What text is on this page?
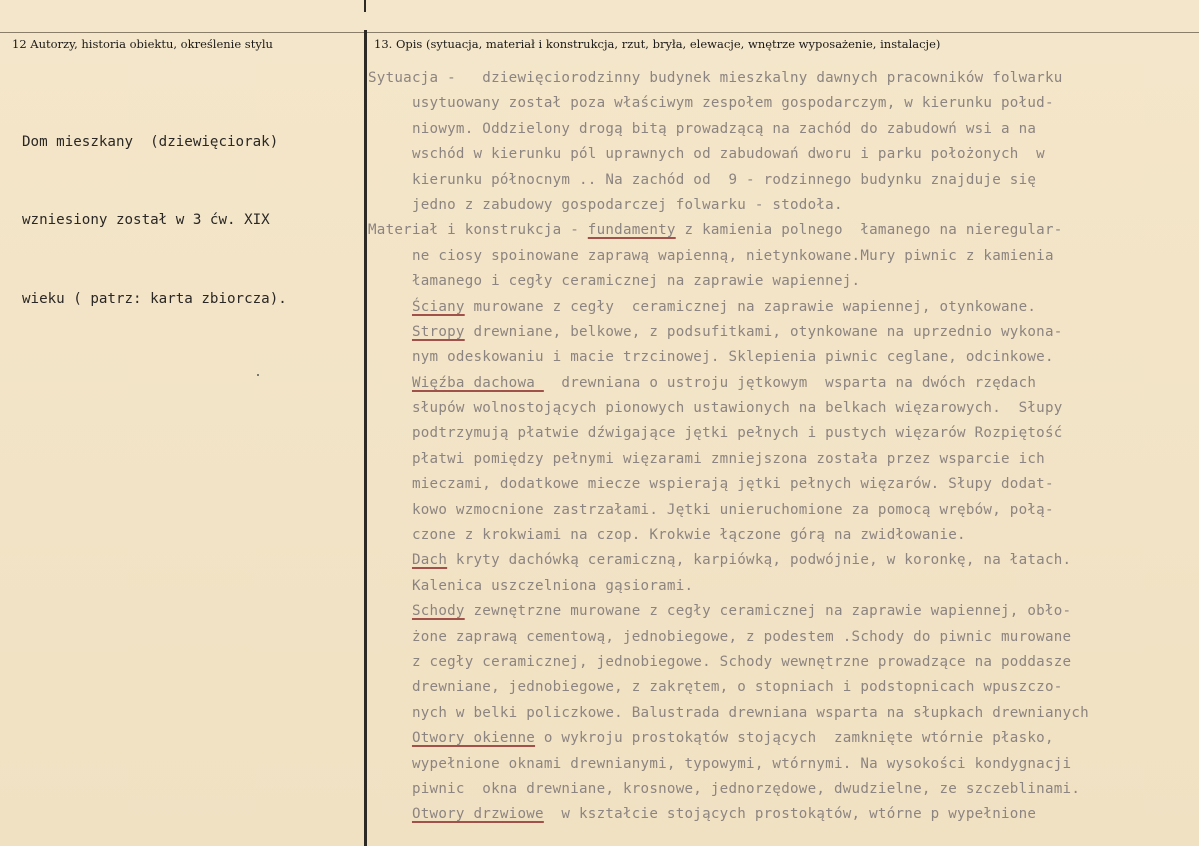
12 Autorzy, historia obiektu, określenie stylu	13. Opis (sytuacja, materiał i konstrukcja, rzut, bryła, elewacje, wnętrze wyposażenie, instalacje)

Dom mieszkany  (dziewięciorak)

wzniesiony został w 3 ćw. XIX

wieku ( patrz: karta zbiorcza).

Sytuacja -   dziewięciorodzinny budynek mieszkalny dawnych pracowników folwarku
usytuowany został poza właściwym zespołem gospodarczym, w kierunku połud-
niowym. Oddzielony drogą bitą prowadzącą na zachód do zabudowń wsi a na
wschód w kierunku pól uprawnych od zabudowań dworu i parku położonych  w
kierunku północnym .. Na zachód od  9 - rodzinnego budynku znajduje się
jedno z zabudowy gospodarczej folwarku - stodoła.
Materiał i konstrukcja - fundamenty z kamienia polnego  łamanego na nieregular-
ne ciosy spoinowane zaprawą wapienną, nietynkowane.Mury piwnic z kamienia
łamanego i cegły ceramicznej na zaprawie wapiennej.
Ściany murowane z cegły  ceramicznej na zaprawie wapiennej, otynkowane.
Stropy drewniane, belkowe, z podsufitkami, otynkowane na uprzednio wykona-
nym odeskowaniu i macie trzcinowej. Sklepienia piwnic ceglane, odcinkowe.
Więźba dachowa   drewniana o ustroju jętkowym  wsparta na dwóch rzędach
słupów wolnostojących pionowych ustawionych na belkach więzarowych.  Słupy
podtrzymują płatwie dźwigające jętki pełnych i pustych więzarów Rozpiętość
płatwi pomiędzy pełnymi więzarami zmniejszona została przez wsparcie ich
mieczami, dodatkowe miecze wspierają jętki pełnych więzarów. Słupy dodat-
kowo wzmocnione zastrzałami. Jętki unieruchomione za pomocą wrębów, połą-
czone z krokwiami na czop. Krokwie łączone górą na zwidłowanie.
Dach kryty dachówką ceramiczną, karpiówką, podwójnie, w koronkę, na łatach.
Kalenica uszczelniona gąsiorami.
Schody zewnętrzne murowane z cegły ceramicznej na zaprawie wapiennej, obło-
żone zaprawą cementową, jednobiegowe, z podestem .Schody do piwnic murowane
z cegły ceramicznej, jednobiegowe. Schody wewnętrzne prowadzące na poddasze
drewniane, jednobiegowe, z zakrętem, o stopniach i podstopnicach wpuszczo-
nych w belki policzkowe. Balustrada drewniana wsparta na słupkach drewnianych
Otwory okienne o wykroju prostokątów stojących  zamknięte wtórnie płasko,
wypełnione oknami drewnianymi, typowymi, wtórnymi. Na wysokości kondygnacji
piwnic  okna drewniane, krosnowe, jednorzędowe, dwudzielne, ze szczeblinami.
Otwory drzwiowe  w kształcie stojących prostokątów, wtórne p wypełnione
